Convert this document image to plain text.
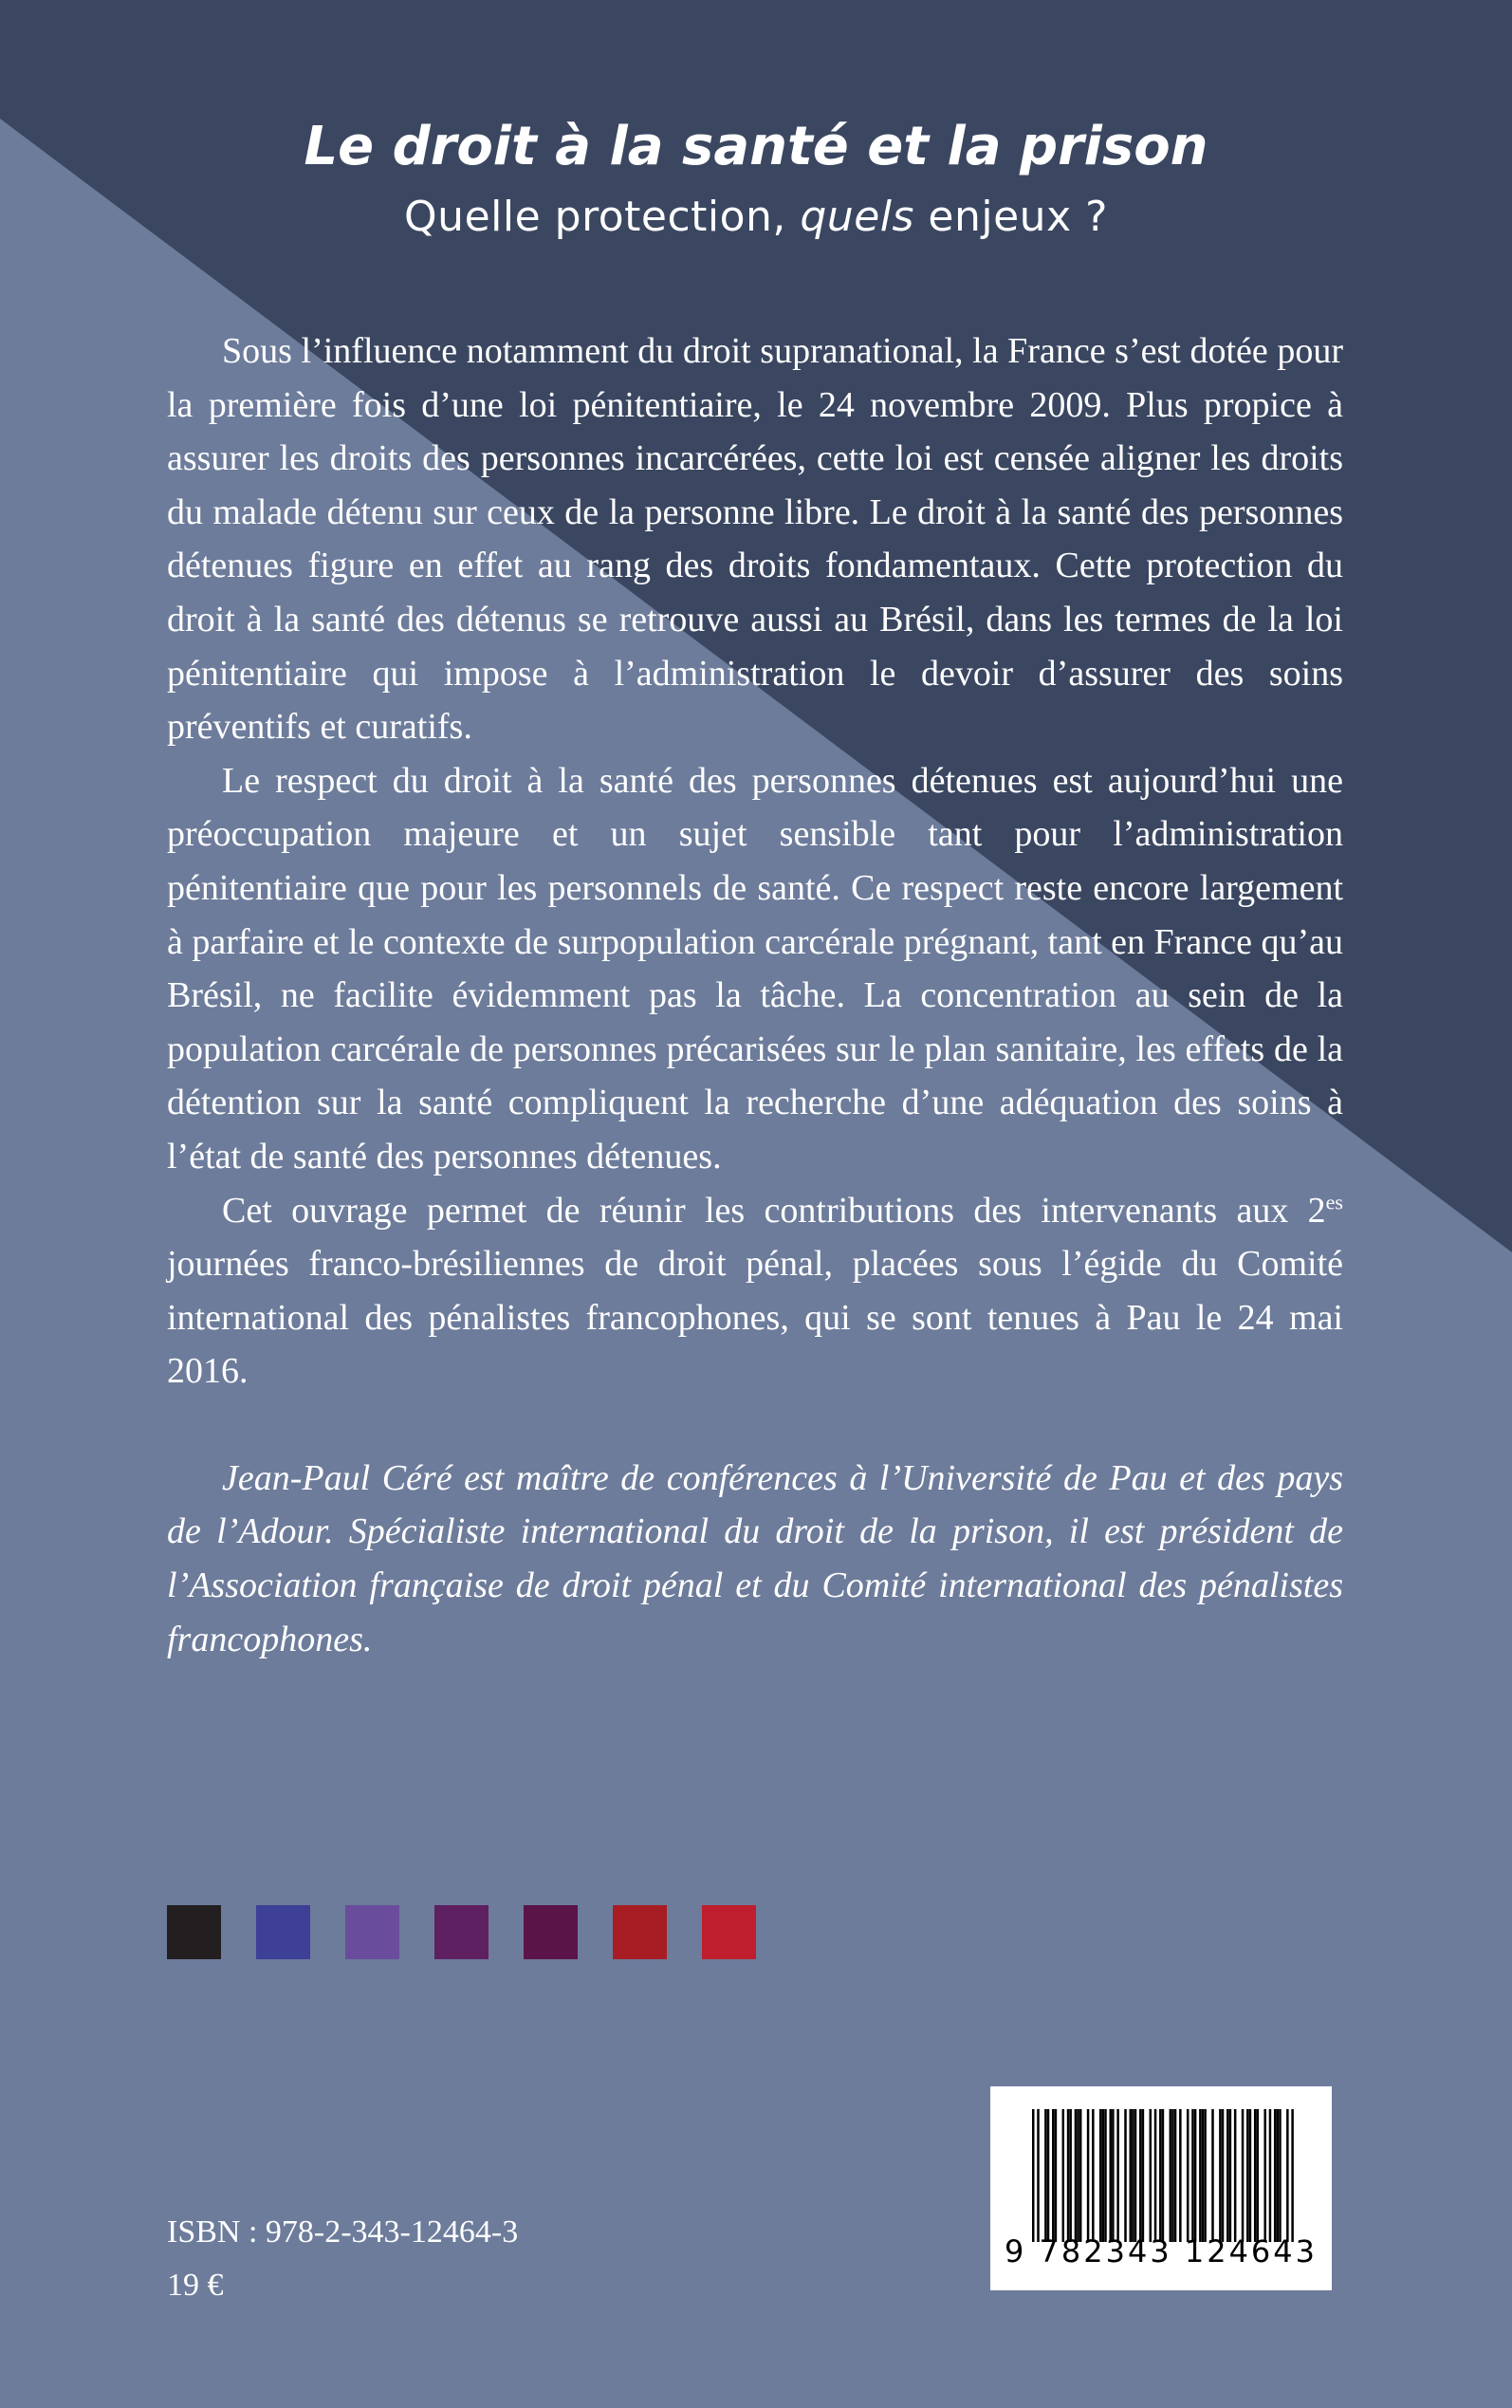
Le droit à la santé et la prison
Quelle protection, quels enjeux ?

Sous l’influence notamment du droit supranational, la France s’est dotée pour la première fois d’une loi pénitentiaire, le 24 novembre 2009. Plus propice à assurer les droits des personnes incarcérées, cette loi est censée aligner les droits du malade détenu sur ceux de la personne libre. Le droit à la santé des personnes détenues figure en effet au rang des droits fondamentaux. Cette protection du droit à la santé des détenus se retrouve aussi au Brésil, dans les termes de la loi pénitentiaire qui impose à l’administration le devoir d’assurer des soins préventifs et curatifs.

Le respect du droit à la santé des personnes détenues est aujourd’hui une préoccupation majeure et un sujet sensible tant pour l’administration pénitentiaire que pour les personnels de santé. Ce respect reste encore largement à parfaire et le contexte de surpopulation carcérale prégnant, tant en France qu’au Brésil, ne facilite évidemment pas la tâche. La concentration au sein de la population carcérale de personnes précarisées sur le plan sanitaire, les effets de la détention sur la santé compliquent la recherche d’une adéquation des soins à l’état de santé des personnes détenues.

Cet ouvrage permet de réunir les contributions des intervenants aux $2^{es}$ journées franco-brésiliennes de droit pénal, placées sous l’égide du Comité international des pénalistes francophones, qui se sont tenues à Pau le 24 mai 2016.

Jean-Paul Céré est maître de conférences à l’Université de Pau et des pays de l’Adour. Spécialiste international du droit de la prison, il est président de l’Association française de droit pénal et du Comité international des pénalistes francophones.

ISBN : 978-2-343-12464-3
19 €
9 782343 124643
